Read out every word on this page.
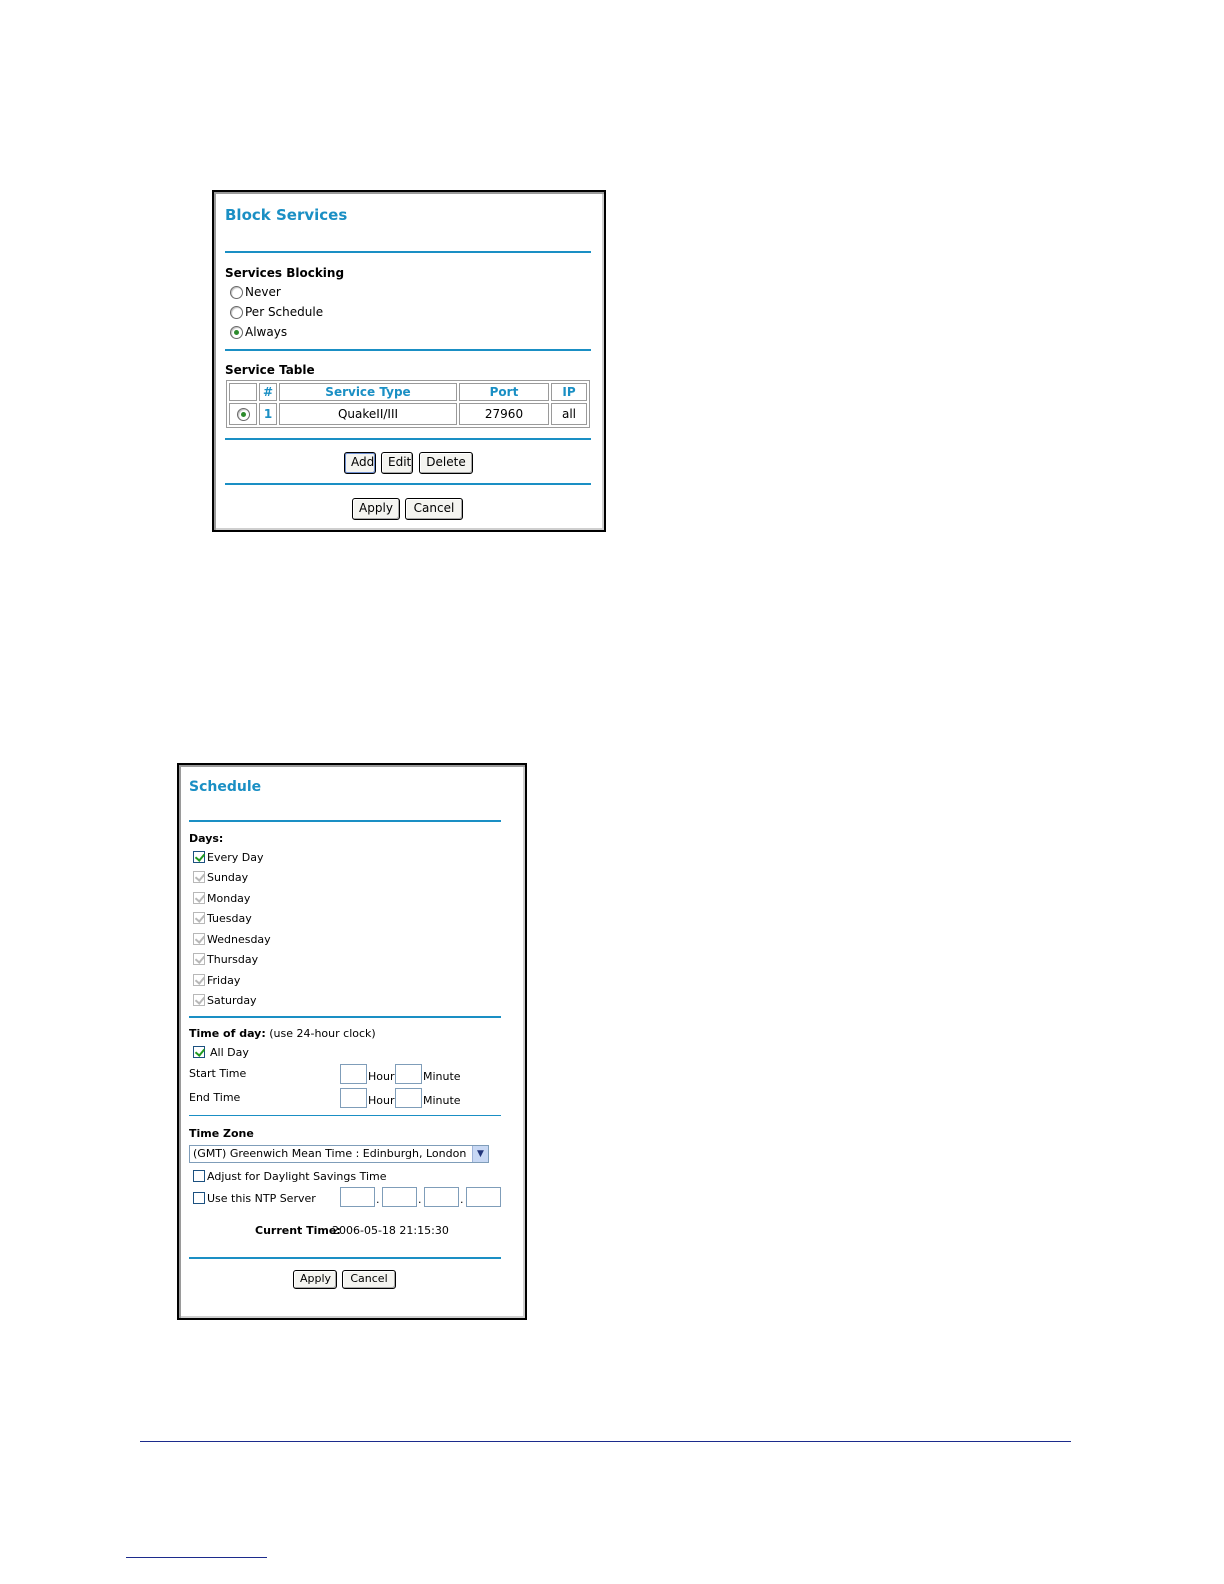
Block Services
Services Blocking
Never
Per Schedule
Always
Service Table
	#	Service Type	Port	IP
	1	QuakeII/III	27960	all
Add	Edit	Delete
Apply	Cancel
Schedule
Days:
Every Day
Sunday
Monday
Tuesday
Wednesday
Thursday
Friday
Saturday
Time of day: (use 24-hour clock)
All Day
Start Time	Hour	Minute
End Time	Hour	Minute
Time Zone
(GMT) Greenwich Mean Time : Edinburgh, London	▼
Adjust for Daylight Savings Time
Use this NTP Server	.	.	.
Current Time:
2006-05-18 21:15:30
Apply	Cancel
